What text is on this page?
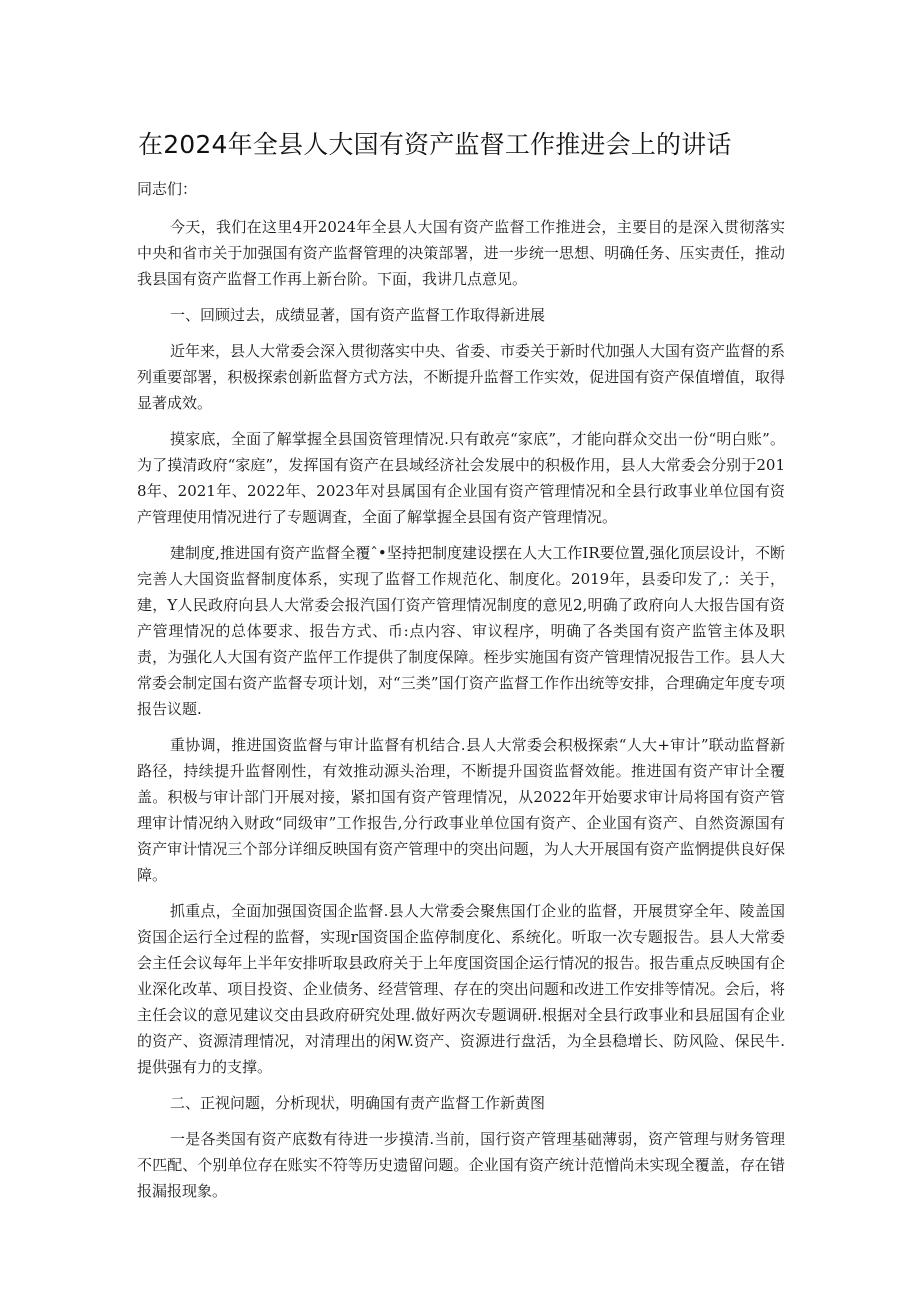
在2024年全县人大国有资产监督工作推进会上的讲话

同志们：

今天，我们在这里4开2024年全县人大国有资产监督工作推进会，主要目的是深入贯彻落实中央和省市关于加强国有资产监督管理的决策部署，进一步统一思想、明确任务、压实责任，推动我县国有资产监督工作再上新台阶。下面，我讲几点意见。

一、回顾过去，成绩显著，国有资产监督工作取得新进展

近年来，县人大常委会深入贯彻落实中央、省委、市委关于新时代加强人大国有资产监督的系列重要部署，积极探索创新监督方式方法，不断提升监督工作实效，促进国有资产保值增值，取得显著成效。

摸家底，全面了解掌握全县国资管理情况.只有敢亮“家底”，才能向群众交出一份“明白账”。为了摸清政府“家庭”，发挥国有资产在县域经济社会发展中的积极作用，县人大常委会分别于2018年、2021年、2022年、2023年对县属国有企业国有资产管理情况和全县行政事业单位国有资产管理使用情况进行了专题调査，全面了解掌握全县国有资产管理情况。

建制度,推进国有资产监督全覆ˆ•坚持把制度建设摆在人大工作IR要位置,强化顶层设计，不断完善人大国资监督制度体系，实现了监督工作规范化、制度化。2019年，县委印发了,：关于，建，Y人民政府向县人大常委会报汽国仃资产管理情况制度的意见2,明确了政府向人大报告国有资产管理情况的总体要求、报告方式、币:点内容、审议程序，明确了各类国有资产监管主体及职责，为强化人大国有资产监伻工作提供了制度保障。桎步实施国有资产管理情况报告工作。县人大常委会制定国右资产监督专项计划，对“三类”国仃资产监督工作作出统等安排，合理确定年度专项报告议题.

重协调，推进国资监督与审计监督有机结合.县人大常委会积极探索“人大+审计”联动监督新路径，持续提升监督刚性，有效推动源头治理，不断提升国资监督效能。推进国有资产审计全覆盖。积极与审计部门开展对接，紧扣国有资产管理情况，从2022年开始要求审计局将国有资产管理审计情况纳入财政“同级审”工作报告,分行政事业单位国有资产、企业国有资产、自然资源国有资产审计情况三个部分详细反映国有资产管理中的突出问题，为人大开展国有资产监惘提供良好保障。

抓重点，全面加强国资国企监督.县人大常委会聚焦国仃企业的监督，开展贯穿全年、陵盖国资国企运行全过程的监督，实现r国资国企监停制度化、系统化。听取一次专题报告。县人大常委会主任会议每年上半年安排听取县政府关于上年度国资国企运行情况的报告。报告重点反映国有企业深化改革、项目投资、企业债务、经营管理、存在的突出问题和改进工作安排等情况。会后，将主任会议的意见建议交由县政府研究处理.做好两次专题调研.根据对全县行政事业和县屈国有企业的资产、资源清理情况，对清理出的闲W.资产、资源进行盘活，为全县稳增长、防风险、保民牛.提供强有力的支撑。

二、正视问题，分析现状，明确国有责产监督工作新黄图

一是各类国有资产底数有待进一步摸清.当前，国行资产管理基础薄弱，资产管理与财务管理不匹配、个别单位存在账实不符等历史遗留问题。企业国有资产统计范憎尚未实现全覆盖，存在错报漏报现象。
